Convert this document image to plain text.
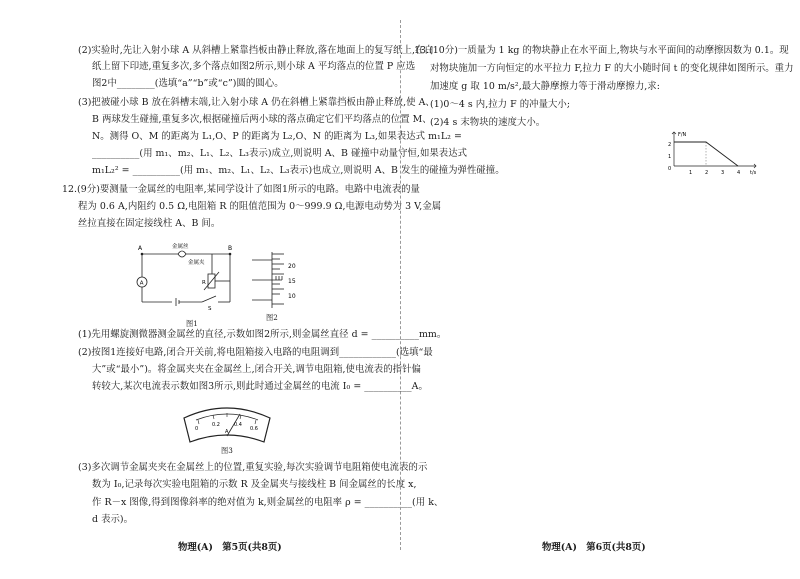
(2)实验时,先让入射小球 A 从斜槽上紧靠挡板由静止释放,落在地面上的复写纸上,在白
纸上留下印迹,重复多次,多个落点如图2所示,则小球 A 平均落点的位置 P 应选
图2中________(选填“a”“b”或“c”)圆的圆心。
(3)把被碰小球 B 放在斜槽末端,让入射小球 A 仍在斜槽上紧靠挡板由静止释放,使 A、
B 两球发生碰撞,重复多次,根据碰撞后两小球的落点确定它们平均落点的位置 M、
N。测得 O、M 的距离为 L₁,O、P 的距离为 L₂,O、N 的距离为 L₃,如果表达式 m₁L₂ =
__________(用 m₁、m₂、L₁、L₂、L₃表示)成立,则说明 A、B 碰撞中动量守恒,如果表达式
m₁L₂² = __________(用 m₁、m₂、L₁、L₂、L₃表示)也成立,则说明 A、B 发生的碰撞为弹性碰撞。
12.(9分)要测量一金属丝的电阻率,某同学设计了如图1所示的电路。电路中电流表的量
程为 0.6 A,内阻约 0.5 Ω,电阻箱 R 的阻值范围为 0～999.9 Ω,电源电动势为 3 V,金属
丝拉直接在固定接线柱 A、B 间。
A	B
金属丝
金属夹
A	R
S
图1
20
15
10
图2
(1)先用螺旋测微器测金属丝的直径,示数如图2所示,则金属丝直径 d = __________mm。
(2)按图1连接好电路,闭合开关前,将电阻箱接入电路的电阻调到____________(选填“最
大”或“最小”)。将金属夹夹在金属丝上,闭合开关,调节电阻箱,使电流表的指针偏
转较大,某次电流表示数如图3所示,则此时通过金属丝的电流 I₀ = __________A。
0
0.2	0.4
0.6
A
图3
(3)多次调节金属夹夹在金属丝上的位置,重复实验,每次实验调节电阻箱使电流表的示
数为 I₀,记录每次实验电阻箱的示数 R 及金属夹与接线柱 B 间金属丝的长度 x,
作 R－x 图像,得到图像斜率的绝对值为 k,则金属丝的电阻率 ρ = __________(用 k、
d 表示)。
物理(A)　第5页(共8页)
13.(10分)一质量为 1 kg 的物块静止在水平面上,物块与水平面间的动摩擦因数为 0.1。现
对物块施加一方向恒定的水平拉力 F,拉力 F 的大小随时间 t 的变化规律如图所示。重力
加速度 g 取 10 m/s²,最大静摩擦力等于滑动摩擦力,求:
(1)0～4 s 内,拉力 F 的冲量大小;
(2)4 s 末物块的速度大小。
F/N
t/s
0
2
1
1	2	3	4
物理(A)　第6页(共8页)
